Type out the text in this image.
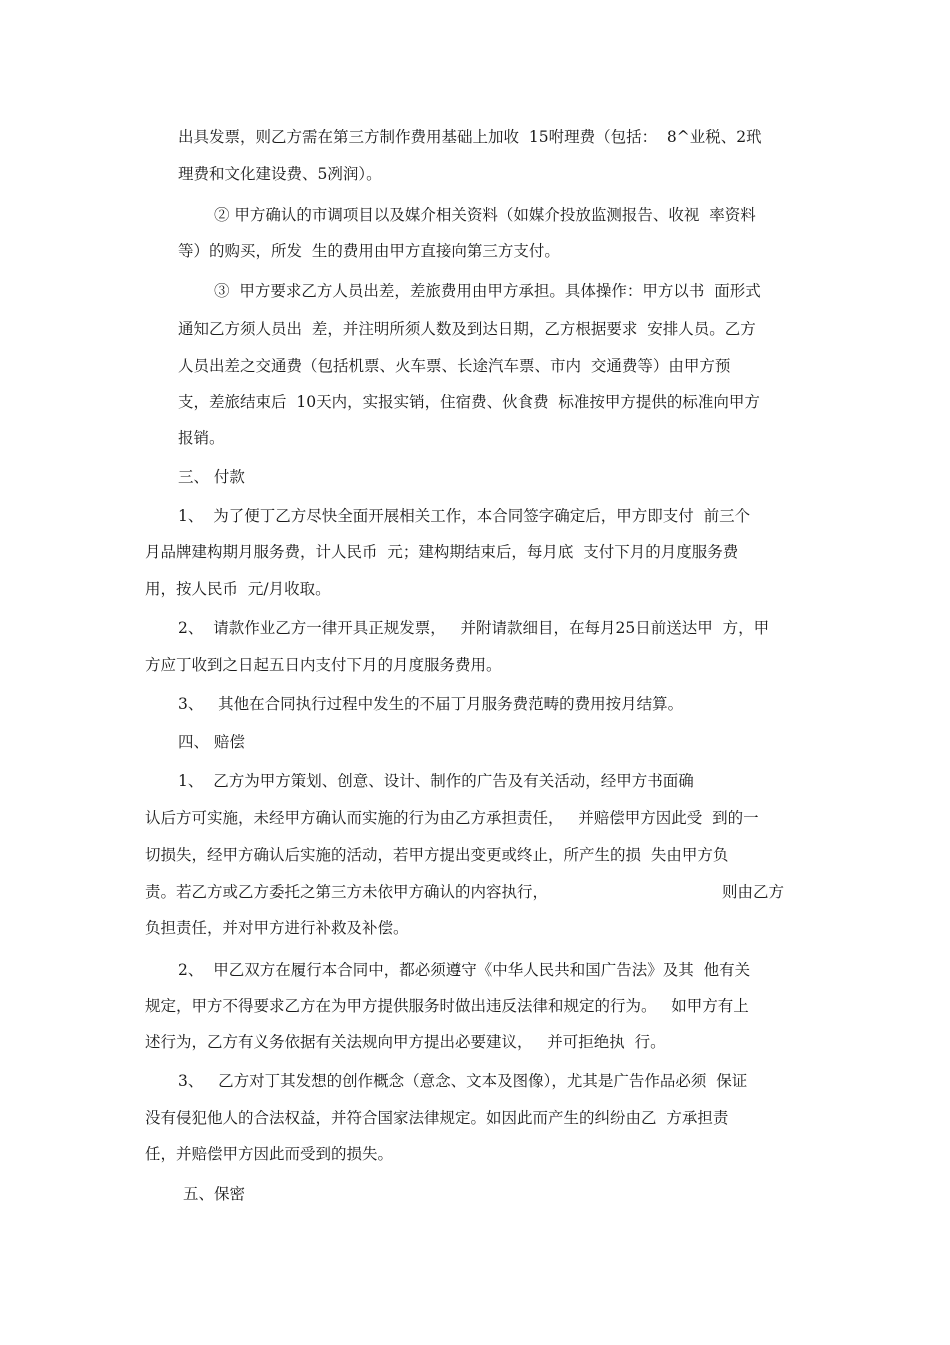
出具发票，则乙方需在第三方制作费用基础上加收  15咐理费（包括：  8^业税、2玳
理费和文化建设费、5冽润）。
② 甲方确认的市调项目以及媒介相关资料（如媒介投放监测报告、收视  率资料
等）的购买，所发  生的费用由甲方直接向第三方支付。
③  甲方要求乙方人员出差，差旅费用由甲方承担。具体操作：甲方以书  面形式
通知乙方须人员出  差，并注明所须人数及到达日期，乙方根据要求  安排人员。乙方
人员出差之交通费（包括机票、火车票、长途汽车票、市内  交通费等）由甲方预
支，差旅结束后  10天内，实报实销，住宿费、伙食费  标准按甲方提供的标准向甲方
报销。
三、 付款
1、  为了便丁乙方尽快全面开展相关工作，本合同签字确定后，甲方即支付  前三个
月品牌建构期月服务费，计人民币  元；建构期结束后，每月底  支付下月的月度服务费
用，按人民币  元/月收取。
2、  请款作业乙方一律开具正规发票，   并附请款细目，在每月25日前送达甲  方，甲
方应丁收到之日起五日内支付下月的月度服务费用。
3、   其他在合同执行过程中发生的不届丁月服务费范畴的费用按月结算。
四、 赔偿
1、  乙方为甲方策划、创意、设计、制作的广告及有关活动，经甲方书面确
认后方可实施，未经甲方确认而实施的行为由乙方承担责任，   并赔偿甲方因此受  到的一
切损失，经甲方确认后实施的活动，若甲方提出变更或终止，所产生的损  失由甲方负
责。若乙方或乙方委托之第三方未依甲方确认的内容执行，	则由乙方
负担责任，并对甲方进行补救及补偿。
2、  甲乙双方在履行本合同中，都必须遵守《中华人民共和国广告法》及其  他有关
规定，甲方不得要求乙方在为甲方提供服务时做出违反法律和规定的行为。   如甲方有上
述行为，乙方有义务依据有关法规向甲方提出必要建议，   并可拒绝执  行。
3、   乙方对丁其发想的创作概念（意念、文本及图像），尤其是广告作品必须  保证
没有侵犯他人的合法权益，并符合国家法律规定。如因此而产生的纠纷由乙  方承担责
任，并赔偿甲方因此而受到的损失。
五、保密
